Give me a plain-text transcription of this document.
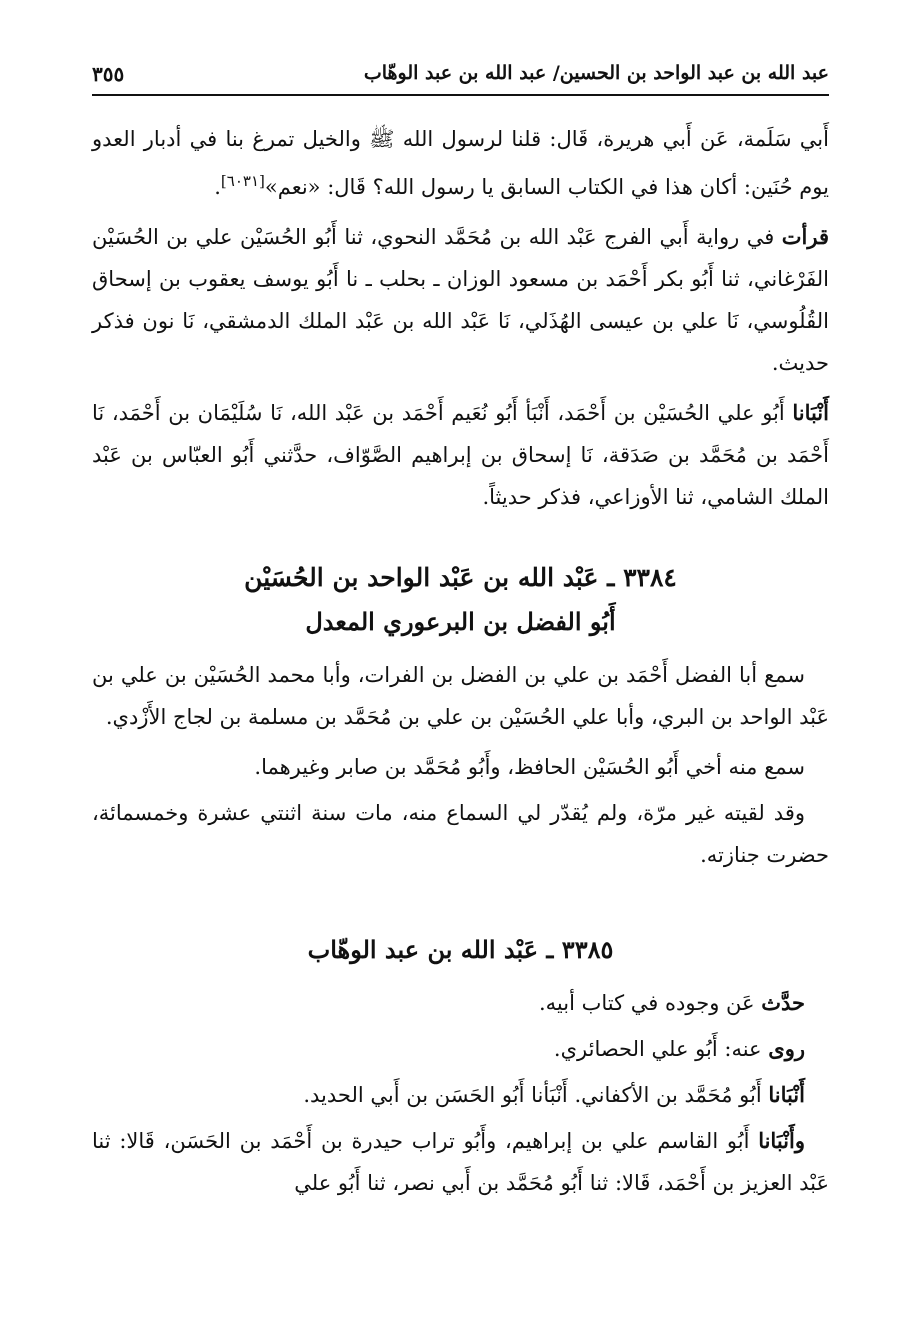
عبد الله بن عبد الواحد بن الحسين/ عبد الله بن عبد الوهّاب
٣٥٥

أَبي سَلَمة، عَن أَبي هريرة، قَال: قلنا لرسول الله ﷺ والخيل تمرغ بنا في أدبار العدو يوم حُنَين: أكان هذا في الكتاب السابق يا رسول الله؟ قَال: «نعم»[٦٠٣١].

قرأت في رواية أَبي الفرج عَبْد الله بن مُحَمَّد النحوي، ثنا أَبُو الحُسَيْن علي بن الحُسَيْن الفَرْغاني، ثنا أَبُو بكر أَحْمَد بن مسعود الوزان ـ بحلب ـ نا أَبُو يوسف يعقوب بن إسحاق القُلُوسي، نَا علي بن عيسى الهُذَلي، نَا عَبْد الله بن عَبْد الملك الدمشقي، نَا نون فذكر حديث.

أَنْبَانا أَبُو علي الحُسَيْن بن أَحْمَد، أَنْبَأ أَبُو نُعَيم أَحْمَد بن عَبْد الله، نَا سُلَيْمَان بن أَحْمَد، نَا أَحْمَد بن مُحَمَّد بن صَدَقة، نَا إسحاق بن إبراهيم الصَّوّاف، حدَّثني أَبُو العبّاس بن عَبْد الملك الشامي، ثنا الأوزاعي، فذكر حديثاً.

٣٣٨٤ ـ عَبْد الله بن عَبْد الواحد بن الحُسَيْن
أَبُو الفضل بن البرعوري المعدل

سمع أبا الفضل أَحْمَد بن علي بن الفضل بن الفرات، وأبا محمد الحُسَيْن بن علي بن عَبْد الواحد بن البري، وأبا علي الحُسَيْن بن علي بن مُحَمَّد بن مسلمة بن لجاج الأَزْدي.

سمع منه أخي أَبُو الحُسَيْن الحافظ، وأَبُو مُحَمَّد بن صابر وغيرهما.

وقد لقيته غير مرّة، ولم يُقدّر لي السماع منه، مات سنة اثنتي عشرة وخمسمائة، حضرت جنازته.

٣٣٨٥ ـ عَبْد الله بن عبد الوهّاب

حدَّث عَن وجوده في كتاب أبيه.

روى عنه: أَبُو علي الحصائري.

أَنْبَانا أَبُو مُحَمَّد بن الأكفاني. أَنْبَأنا أَبُو الحَسَن بن أَبي الحديد.

وأَنْبَانا أَبُو القاسم علي بن إبراهيم، وأَبُو تراب حيدرة بن أَحْمَد بن الحَسَن، قَالا: ثنا عَبْد العزيز بن أَحْمَد، قَالا: ثنا أَبُو مُحَمَّد بن أَبي نصر، ثنا أَبُو علي
